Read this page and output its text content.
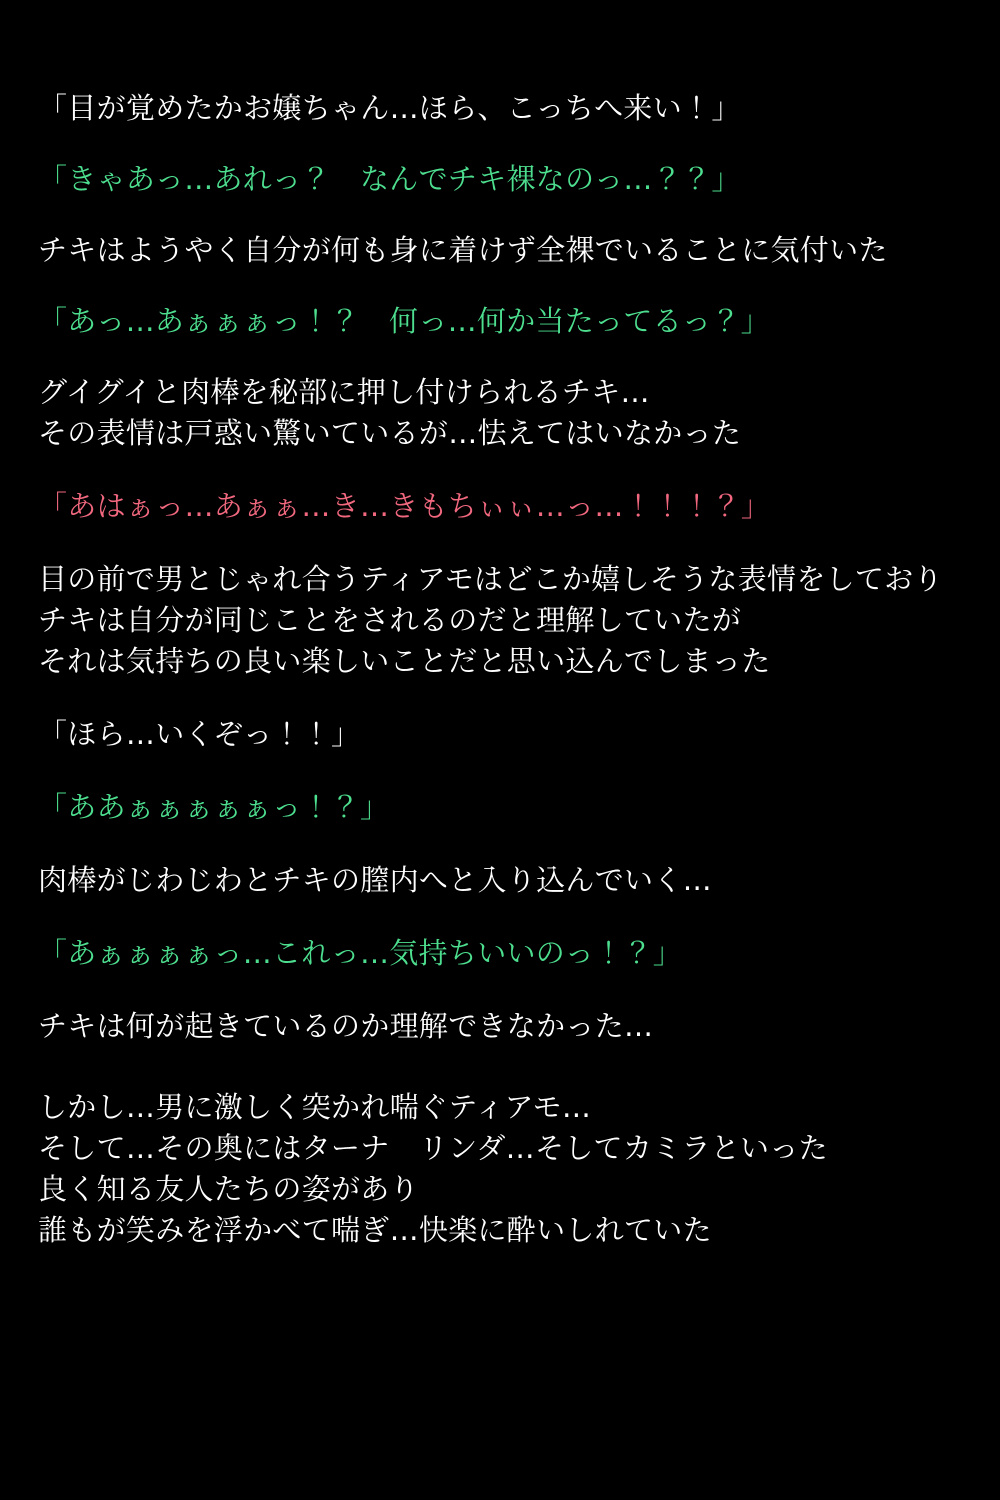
「目が覚めたかお嬢ちゃん…ほら、こっちへ来い！」
「きゃあっ…あれっ？　なんでチキ裸なのっ…？？」
チキはようやく自分が何も身に着けず全裸でいることに気付いた
「あっ…あぁぁぁっ！？　何っ…何か当たってるっ？」
グイグイと肉棒を秘部に押し付けられるチキ…
その表情は戸惑い驚いているが…怯えてはいなかった
「あはぁっ…あぁぁ…き…きもちぃぃ…っ…！！！？」
目の前で男とじゃれ合うティアモはどこか嬉しそうな表情をしており
チキは自分が同じことをされるのだと理解していたが
それは気持ちの良い楽しいことだと思い込んでしまった
「ほら…いくぞっ！！」
「ああぁぁぁぁぁっ！？」
肉棒がじわじわとチキの膣内へと入り込んでいく…
「あぁぁぁぁっ…これっ…気持ちいいのっ！？」
チキは何が起きているのか理解できなかった…
しかし…男に激しく突かれ喘ぐティアモ…
そして…その奥にはターナ　リンダ…そしてカミラといった
良く知る友人たちの姿があり
誰もが笑みを浮かべて喘ぎ…快楽に酔いしれていた
